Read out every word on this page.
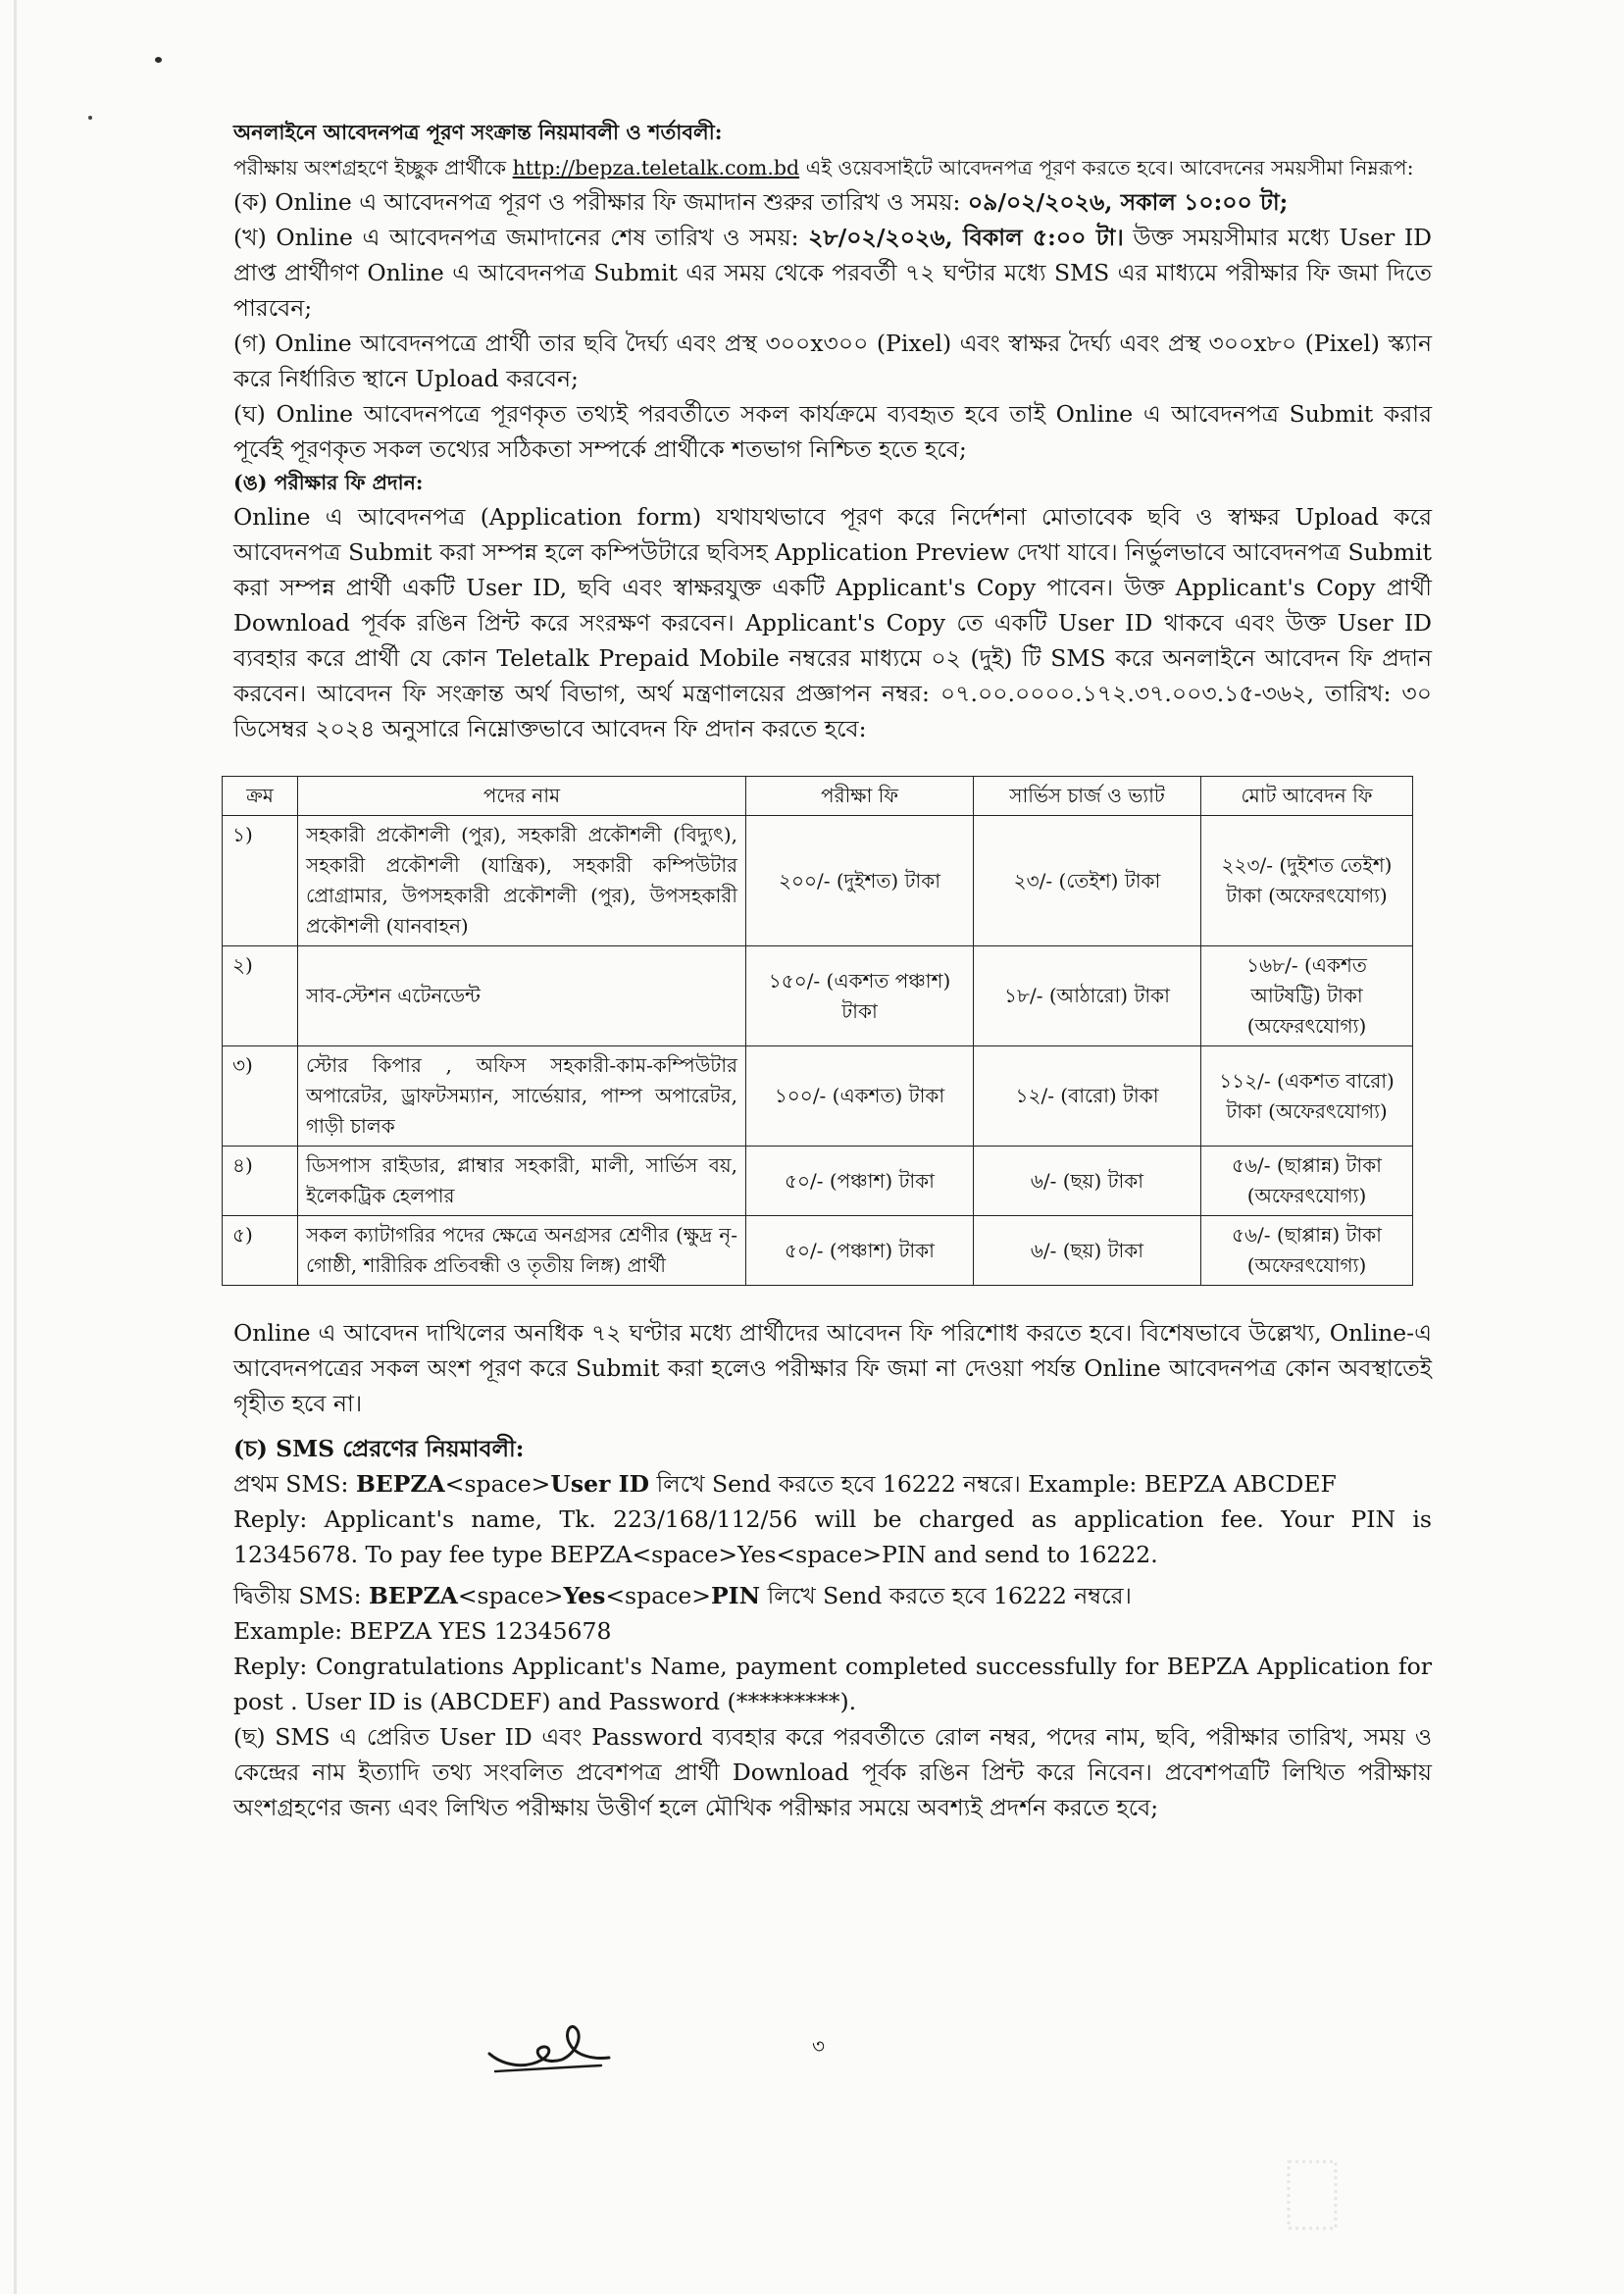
অনলাইনে আবেদনপত্র পূরণ সংক্রান্ত নিয়মাবলী ও শর্তাবলী:

পরীক্ষায় অংশগ্রহণে ইচ্ছুক প্রার্থীকে http://bepza.teletalk.com.bd এই ওয়েবসাইটে আবেদনপত্র পূরণ করতে হবে। আবেদনের সময়সীমা নিম্নরূপ:

(ক) Online এ আবেদনপত্র পূরণ ও পরীক্ষার ফি জমাদান শুরুর তারিখ ও সময়: ০৯/০২/২০২৬, সকাল ১০:০০ টা;

(খ) Online এ আবেদনপত্র জমাদানের শেষ তারিখ ও সময়: ২৮/০২/২০২৬, বিকাল ৫:০০ টা। উক্ত সময়সীমার মধ্যে User ID প্রাপ্ত প্রার্থীগণ Online এ আবেদনপত্র Submit এর সময় থেকে পরবর্তী ৭২ ঘণ্টার মধ্যে SMS এর মাধ্যমে পরীক্ষার ফি জমা দিতে পারবেন;

(গ) Online আবেদনপত্রে প্রার্থী তার ছবি দৈর্ঘ্য এবং প্রস্থ ৩০০x৩০০ (Pixel) এবং স্বাক্ষর দৈর্ঘ্য এবং প্রস্থ ৩০০x৮০ (Pixel) স্ক্যান করে নির্ধারিত স্থানে Upload করবেন;

(ঘ) Online আবেদনপত্রে পূরণকৃত তথ্যই পরবর্তীতে সকল কার্যক্রমে ব্যবহৃত হবে তাই Online এ আবেদনপত্র Submit করার পূর্বেই পূরণকৃত সকল তথ্যের সঠিকতা সম্পর্কে প্রার্থীকে শতভাগ নিশ্চিত হতে হবে;

(ঙ) পরীক্ষার ফি প্রদান:

Online এ আবেদনপত্র (Application form) যথাযথভাবে পূরণ করে নির্দেশনা মোতাবেক ছবি ও স্বাক্ষর Upload করে আবেদনপত্র Submit করা সম্পন্ন হলে কম্পিউটারে ছবিসহ Application Preview দেখা যাবে। নির্ভুলভাবে আবেদনপত্র Submit করা সম্পন্ন প্রার্থী একটি User ID, ছবি এবং স্বাক্ষরযুক্ত একটি Applicant's Copy পাবেন। উক্ত Applicant's Copy প্রার্থী Download পূর্বক রঙিন প্রিন্ট করে সংরক্ষণ করবেন। Applicant's Copy তে একটি User ID থাকবে এবং উক্ত User ID ব্যবহার করে প্রার্থী যে কোন Teletalk Prepaid Mobile নম্বরের মাধ্যমে ০২ (দুই) টি SMS করে অনলাইনে আবেদন ফি প্রদান করবেন। আবেদন ফি সংক্রান্ত অর্থ বিভাগ, অর্থ মন্ত্রণালয়ের প্রজ্ঞাপন নম্বর: ০৭.০০.০০০০.১৭২.৩৭.০০৩.১৫-৩৬২, তারিখ: ৩০ ডিসেম্বর ২০২৪ অনুসারে নিম্নোক্তভাবে আবেদন ফি প্রদান করতে হবে:

ক্রম	পদের নাম	পরীক্ষা ফি	সার্ভিস চার্জ ও ভ্যাট	মোট আবেদন ফি
১)	সহকারী প্রকৌশলী (পুর), সহকারী প্রকৌশলী (বিদ্যুৎ), সহকারী প্রকৌশলী (যান্ত্রিক), সহকারী কম্পিউটার প্রোগ্রামার, উপসহকারী প্রকৌশলী (পুর), উপসহকারী প্রকৌশলী (যানবাহন)	২০০/- (দুইশত) টাকা	২৩/- (তেইশ) টাকা	২২৩/- (দুইশত তেইশ) টাকা (অফেরৎযোগ্য)
২)	সাব-স্টেশন এটেনডেন্ট	১৫০/- (একশত পঞ্চাশ) টাকা	১৮/- (আঠারো) টাকা	১৬৮/- (একশত আটষট্টি) টাকা (অফেরৎযোগ্য)
৩)	স্টোর কিপার , অফিস সহকারী-কাম-কম্পিউটার অপারেটর, ড্রাফটসম্যান, সার্ভেয়ার, পাম্প অপারেটর, গাড়ী চালক	১০০/- (একশত) টাকা	১২/- (বারো) টাকা	১১২/- (একশত বারো) টাকা (অফেরৎযোগ্য)
৪)	ডিসপাস রাইডার, প্লাম্বার সহকারী, মালী, সার্ভিস বয়, ইলেকট্রিক হেলপার	৫০/- (পঞ্চাশ) টাকা	৬/- (ছয়) টাকা	৫৬/- (ছাপ্পান্ন) টাকা (অফেরৎযোগ্য)
৫)	সকল ক্যাটাগরির পদের ক্ষেত্রে অনগ্রসর শ্রেণীর (ক্ষুদ্র নৃ-গোষ্ঠী, শারীরিক প্রতিবন্ধী ও তৃতীয় লিঙ্গ) প্রার্থী	৫০/- (পঞ্চাশ) টাকা	৬/- (ছয়) টাকা	৫৬/- (ছাপ্পান্ন) টাকা (অফেরৎযোগ্য)

Online এ আবেদন দাখিলের অনধিক ৭২ ঘণ্টার মধ্যে প্রার্থীদের আবেদন ফি পরিশোধ করতে হবে। বিশেষভাবে উল্লেখ্য, Online-এ আবেদনপত্রের সকল অংশ পূরণ করে Submit করা হলেও পরীক্ষার ফি জমা না দেওয়া পর্যন্ত Online আবেদনপত্র কোন অবস্থাতেই গৃহীত হবে না।

(চ) SMS প্রেরণের নিয়মাবলী:

প্রথম SMS: BEPZA<space>User ID লিখে Send করতে হবে 16222 নম্বরে। Example: BEPZA ABCDEF

Reply: Applicant's name, Tk. 223/168/112/56 will be charged as application fee. Your PIN is 12345678. To pay fee type BEPZA<space>Yes<space>PIN and send to 16222.

দ্বিতীয় SMS: BEPZA<space>Yes<space>PIN লিখে Send করতে হবে 16222 নম্বরে।

Example: BEPZA YES 12345678

Reply: Congratulations Applicant's Name, payment completed successfully for BEPZA Application for post . User ID is (ABCDEF) and Password (*********).

(ছ) SMS এ প্রেরিত User ID এবং Password ব্যবহার করে পরবর্তীতে রোল নম্বর, পদের নাম, ছবি, পরীক্ষার তারিখ, সময় ও কেন্দ্রের নাম ইত্যাদি তথ্য সংবলিত প্রবেশপত্র প্রার্থী Download পূর্বক রঙিন প্রিন্ট করে নিবেন। প্রবেশপত্রটি লিখিত পরীক্ষায় অংশগ্রহণের জন্য এবং লিখিত পরীক্ষায় উত্তীর্ণ হলে মৌখিক পরীক্ষার সময়ে অবশ্যই প্রদর্শন করতে হবে;

৩
